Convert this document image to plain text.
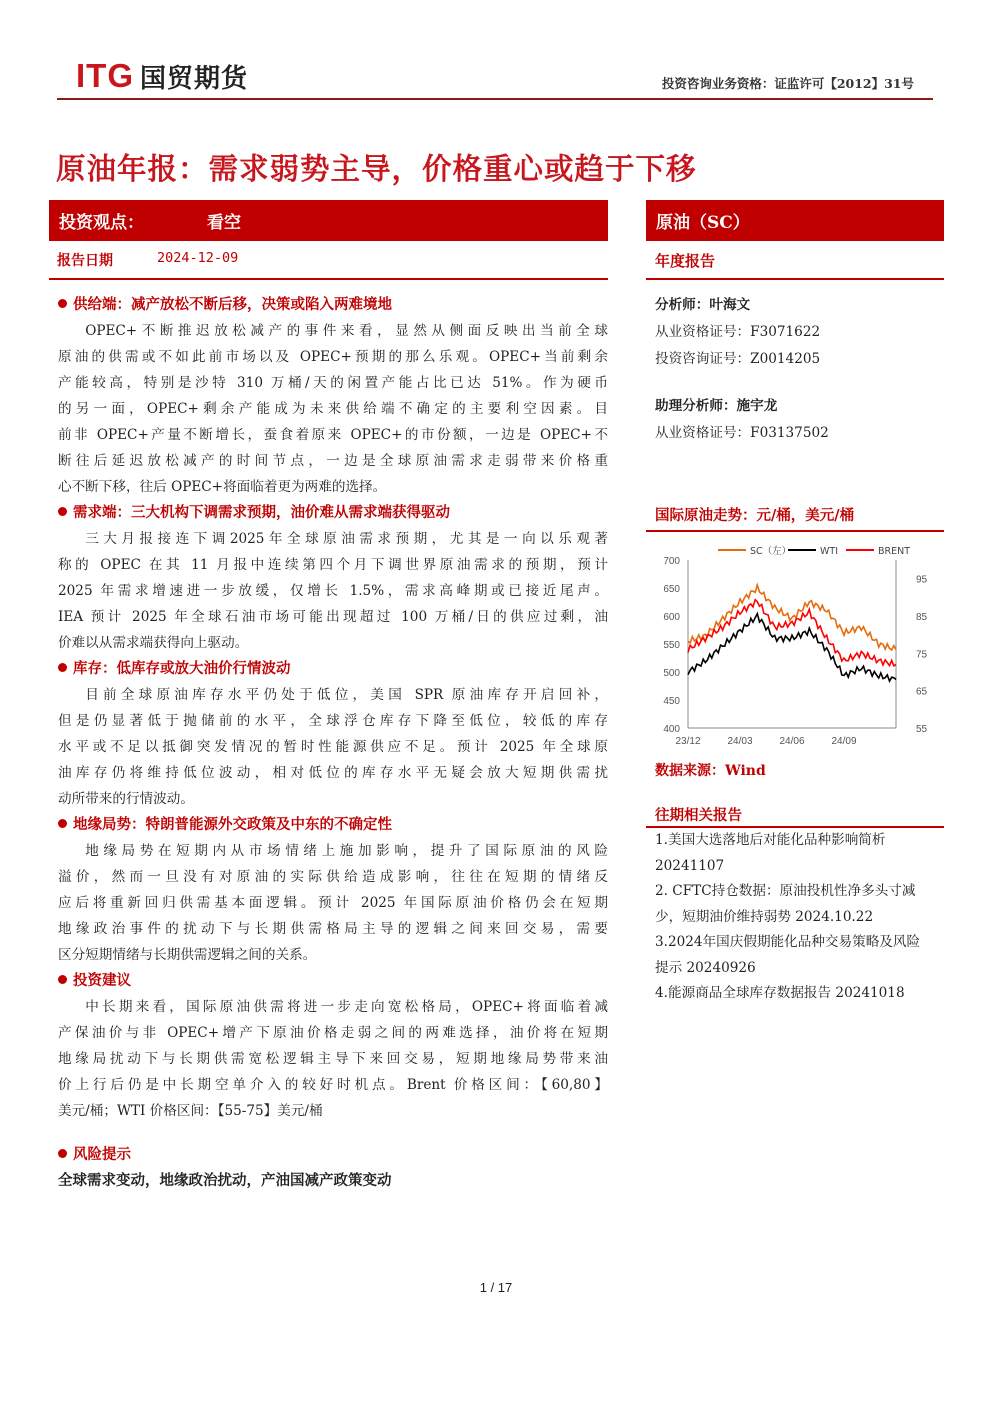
ITG 国贸期货	投资咨询业务资格：证监许可【2012】31号
原油年报：需求弱势主导，价格重心或趋于下移
投资观点：	看空	原油（SC）
报告日期	2024-12-09	年度报告
供给端：减产放松不断后移，决策或陷入两难境地

OPEC+不断推迟放松减产的事件来看，显然从侧面反映出当前全球
原油的供需或不如此前市场以及 OPEC+预期的那么乐观。OPEC+当前剩余
产能较高，特别是沙特 310 万桶/天的闲置产能占比已达 51%。作为硬币
的另一面，OPEC+剩余产能成为未来供给端不确定的主要利空因素。目
前非 OPEC+产量不断增长，蚕食着原来 OPEC+的市份额，一边是 OPEC+不
断往后延迟放松减产的时间节点，一边是全球原油需求走弱带来价格重
心不断下移，往后 OPEC+将面临着更为两难的选择。

需求端：三大机构下调需求预期，油价难从需求端获得驱动

三大月报接连下调2025年全球原油需求预期，尤其是一向以乐观著
称的 OPEC 在其 11 月报中连续第四个月下调世界原油需求的预期，预计
2025 年需求增速进一步放缓，仅增长 1.5%，需求高峰期或已接近尾声。
IEA 预计 2025 年全球石油市场可能出现超过 100 万桶/日的供应过剩，油
价难以从需求端获得向上驱动。

库存：低库存或放大油价行情波动

目前全球原油库存水平仍处于低位，美国 SPR 原油库存开启回补，
但是仍显著低于抛储前的水平，全球浮仓库存下降至低位，较低的库存
水平或不足以抵御突发情况的暂时性能源供应不足。预计 2025 年全球原
油库存仍将维持低位波动，相对低位的库存水平无疑会放大短期供需扰
动所带来的行情波动。

地缘局势：特朗普能源外交政策及中东的不确定性

地缘局势在短期内从市场情绪上施加影响，提升了国际原油的风险
溢价，然而一旦没有对原油的实际供给造成影响，往往在短期的情绪反
应后将重新回归供需基本面逻辑。预计 2025 年国际原油价格仍会在短期
地缘政治事件的扰动下与长期供需格局主导的逻辑之间来回交易，需要
区分短期情绪与长期供需逻辑之间的关系。

投资建议

中长期来看，国际原油供需将进一步走向宽松格局，OPEC+将面临着减
产保油价与非 OPEC+增产下原油价格走弱之间的两难选择，油价将在短期
地缘局扰动下与长期供需宽松逻辑主导下来回交易，短期地缘局势带来油
价上行后仍是中长期空单介入的较好时机点。Brent 价格区间：【60,80】
美元/桶；WTI 价格区间：【55-75】美元/桶

风险提示
全球需求变动，地缘政治扰动，产油国减产政策变动
分析师：叶海文
从业资格证号：F3071622
投资咨询证号：Z0014205
助理分析师：施宇龙
从业资格证号：F03137502
国际原油走势：元/桶，美元/桶
400
450
500
550
600
650
700
55
65
75
85
95
23/12	24/03	24/06	24/09
SC（左）	WTI	BRENT
数据来源：Wind
往期相关报告

1.美国大选落地后对能化品种影响简析 20241107

2. CFTC持仓数据：原油投机性净多头寸减少，短期油价维持弱势 2024.10.22

3.2024年国庆假期能化品种交易策略及风险提示 20240926

4.能源商品全球库存数据报告 20241018

1 / 17
